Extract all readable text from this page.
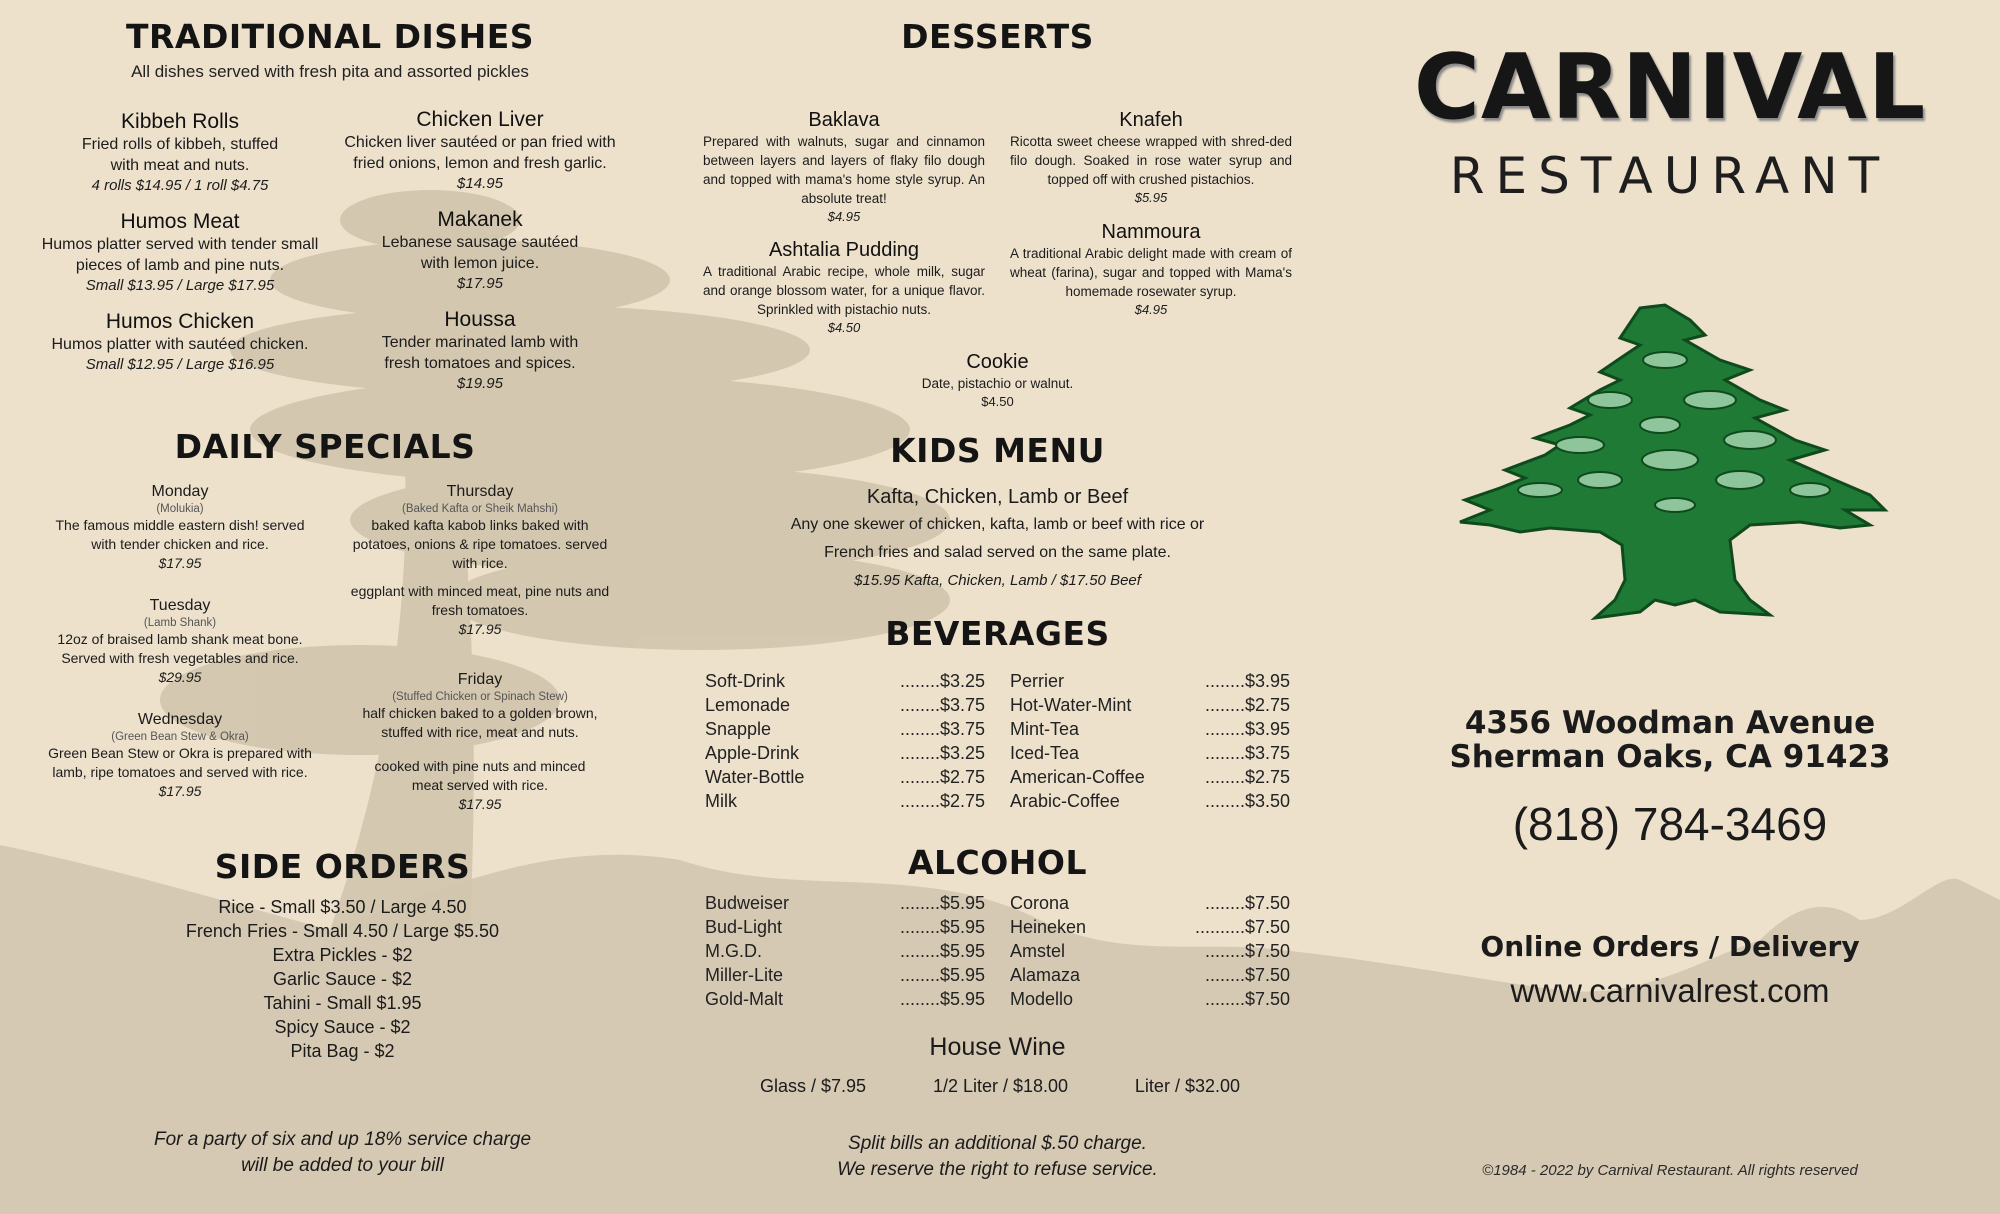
TRADITIONAL DISHES
All dishes served with fresh pita and assorted pickles
Kibbeh Rolls
Fried rolls of kibbeh, stuffed
with meat and nuts.
4 rolls $14.95 / 1 roll $4.75
Chicken Liver
Chicken liver sautéed or pan fried with
fried onions, lemon and fresh garlic.
$14.95
Humos Meat
Humos platter served with tender small
pieces of lamb and pine nuts.
Small $13.95 / Large $17.95
Makanek
Lebanese sausage sautéed
with lemon juice.
$17.95
Humos Chicken
Humos platter with sautéed chicken.
Small $12.95 / Large $16.95
Houssa
Tender marinated lamb with
fresh tomatoes and spices.
$19.95
DAILY SPECIALS
Monday
(Molukia)
The famous middle eastern dish! served
with tender chicken and rice.
$17.95
Tuesday
(Lamb Shank)
12oz of braised lamb shank meat bone.
Served with fresh vegetables and rice.
$29.95
Wednesday
(Green Bean Stew & Okra)
Green Bean Stew or Okra is prepared with
lamb, ripe tomatoes and served with rice.
$17.95
Thursday
(Baked Kafta or Sheik Mahshi)
baked kafta kabob links baked with
potatoes, onions & ripe tomatoes. served
with rice.
eggplant with minced meat, pine nuts and
fresh tomatoes.
$17.95
Friday
(Stuffed Chicken or Spinach Stew)
half chicken baked to a golden brown,
stuffed with rice, meat and nuts.
cooked with pine nuts and minced
meat served with rice.
$17.95
SIDE ORDERS
Rice - Small $3.50 / Large 4.50
French Fries - Small 4.50 / Large $5.50
Extra Pickles - $2
Garlic Sauce - $2
Tahini - Small $1.95
Spicy Sauce - $2
Pita Bag - $2
For a party of six and up 18% service charge
will be added to your bill
DESSERTS
Baklava
Prepared with walnuts, sugar and cinnamon between layers and layers of flaky filo dough and topped with mama's home style syrup. An absolute treat!
$4.95
Knafeh
Ricotta sweet cheese wrapped with shred-ded filo dough. Soaked in rose water syrup and topped off with crushed pistachios.
$5.95
Ashtalia Pudding
A traditional Arabic recipe, whole milk, sugar and orange blossom water, for a unique flavor. Sprinkled with pistachio nuts.
$4.50
Nammoura
A traditional Arabic delight made with cream of wheat (farina), sugar and topped with Mama's homemade rosewater syrup.
$4.95
Cookie
Date, pistachio or walnut.
$4.50
KIDS MENU
Kafta, Chicken, Lamb or Beef
Any one skewer of chicken, kafta, lamb or beef with rice or
French fries and salad served on the same plate.
$15.95 Kafta, Chicken, Lamb / $17.50 Beef
BEVERAGES
Soft-Drink	........$3.25
Lemonade	........$3.75
Snapple	........$3.75
Apple-Drink	........$3.25
Water-Bottle	........$2.75
Milk	........$2.75
Perrier	........$3.95
Hot-Water-Mint	........$2.75
Mint-Tea	........$3.95
Iced-Tea	........$3.75
American-Coffee	........$2.75
Arabic-Coffee	........$3.50
ALCOHOL
Budweiser	........$5.95
Bud-Light	........$5.95
M.G.D.	........$5.95
Miller-Lite	........$5.95
Gold-Malt	........$5.95
Corona	........$7.50
Heineken	..........$7.50
Amstel	........$7.50
Alamaza	........$7.50
Modello	........$7.50
House Wine
Glass / $7.95	1/2 Liter / $18.00	Liter / $32.00
Split bills an additional $.50 charge.
We reserve the right to refuse service.
CARNIVAL
RESTAURANT
4356 Woodman Avenue
Sherman Oaks, CA 91423
(818) 784-3469
Online Orders / Delivery
www.carnivalrest.com
©1984 - 2022 by Carnival Restaurant. All rights reserved
